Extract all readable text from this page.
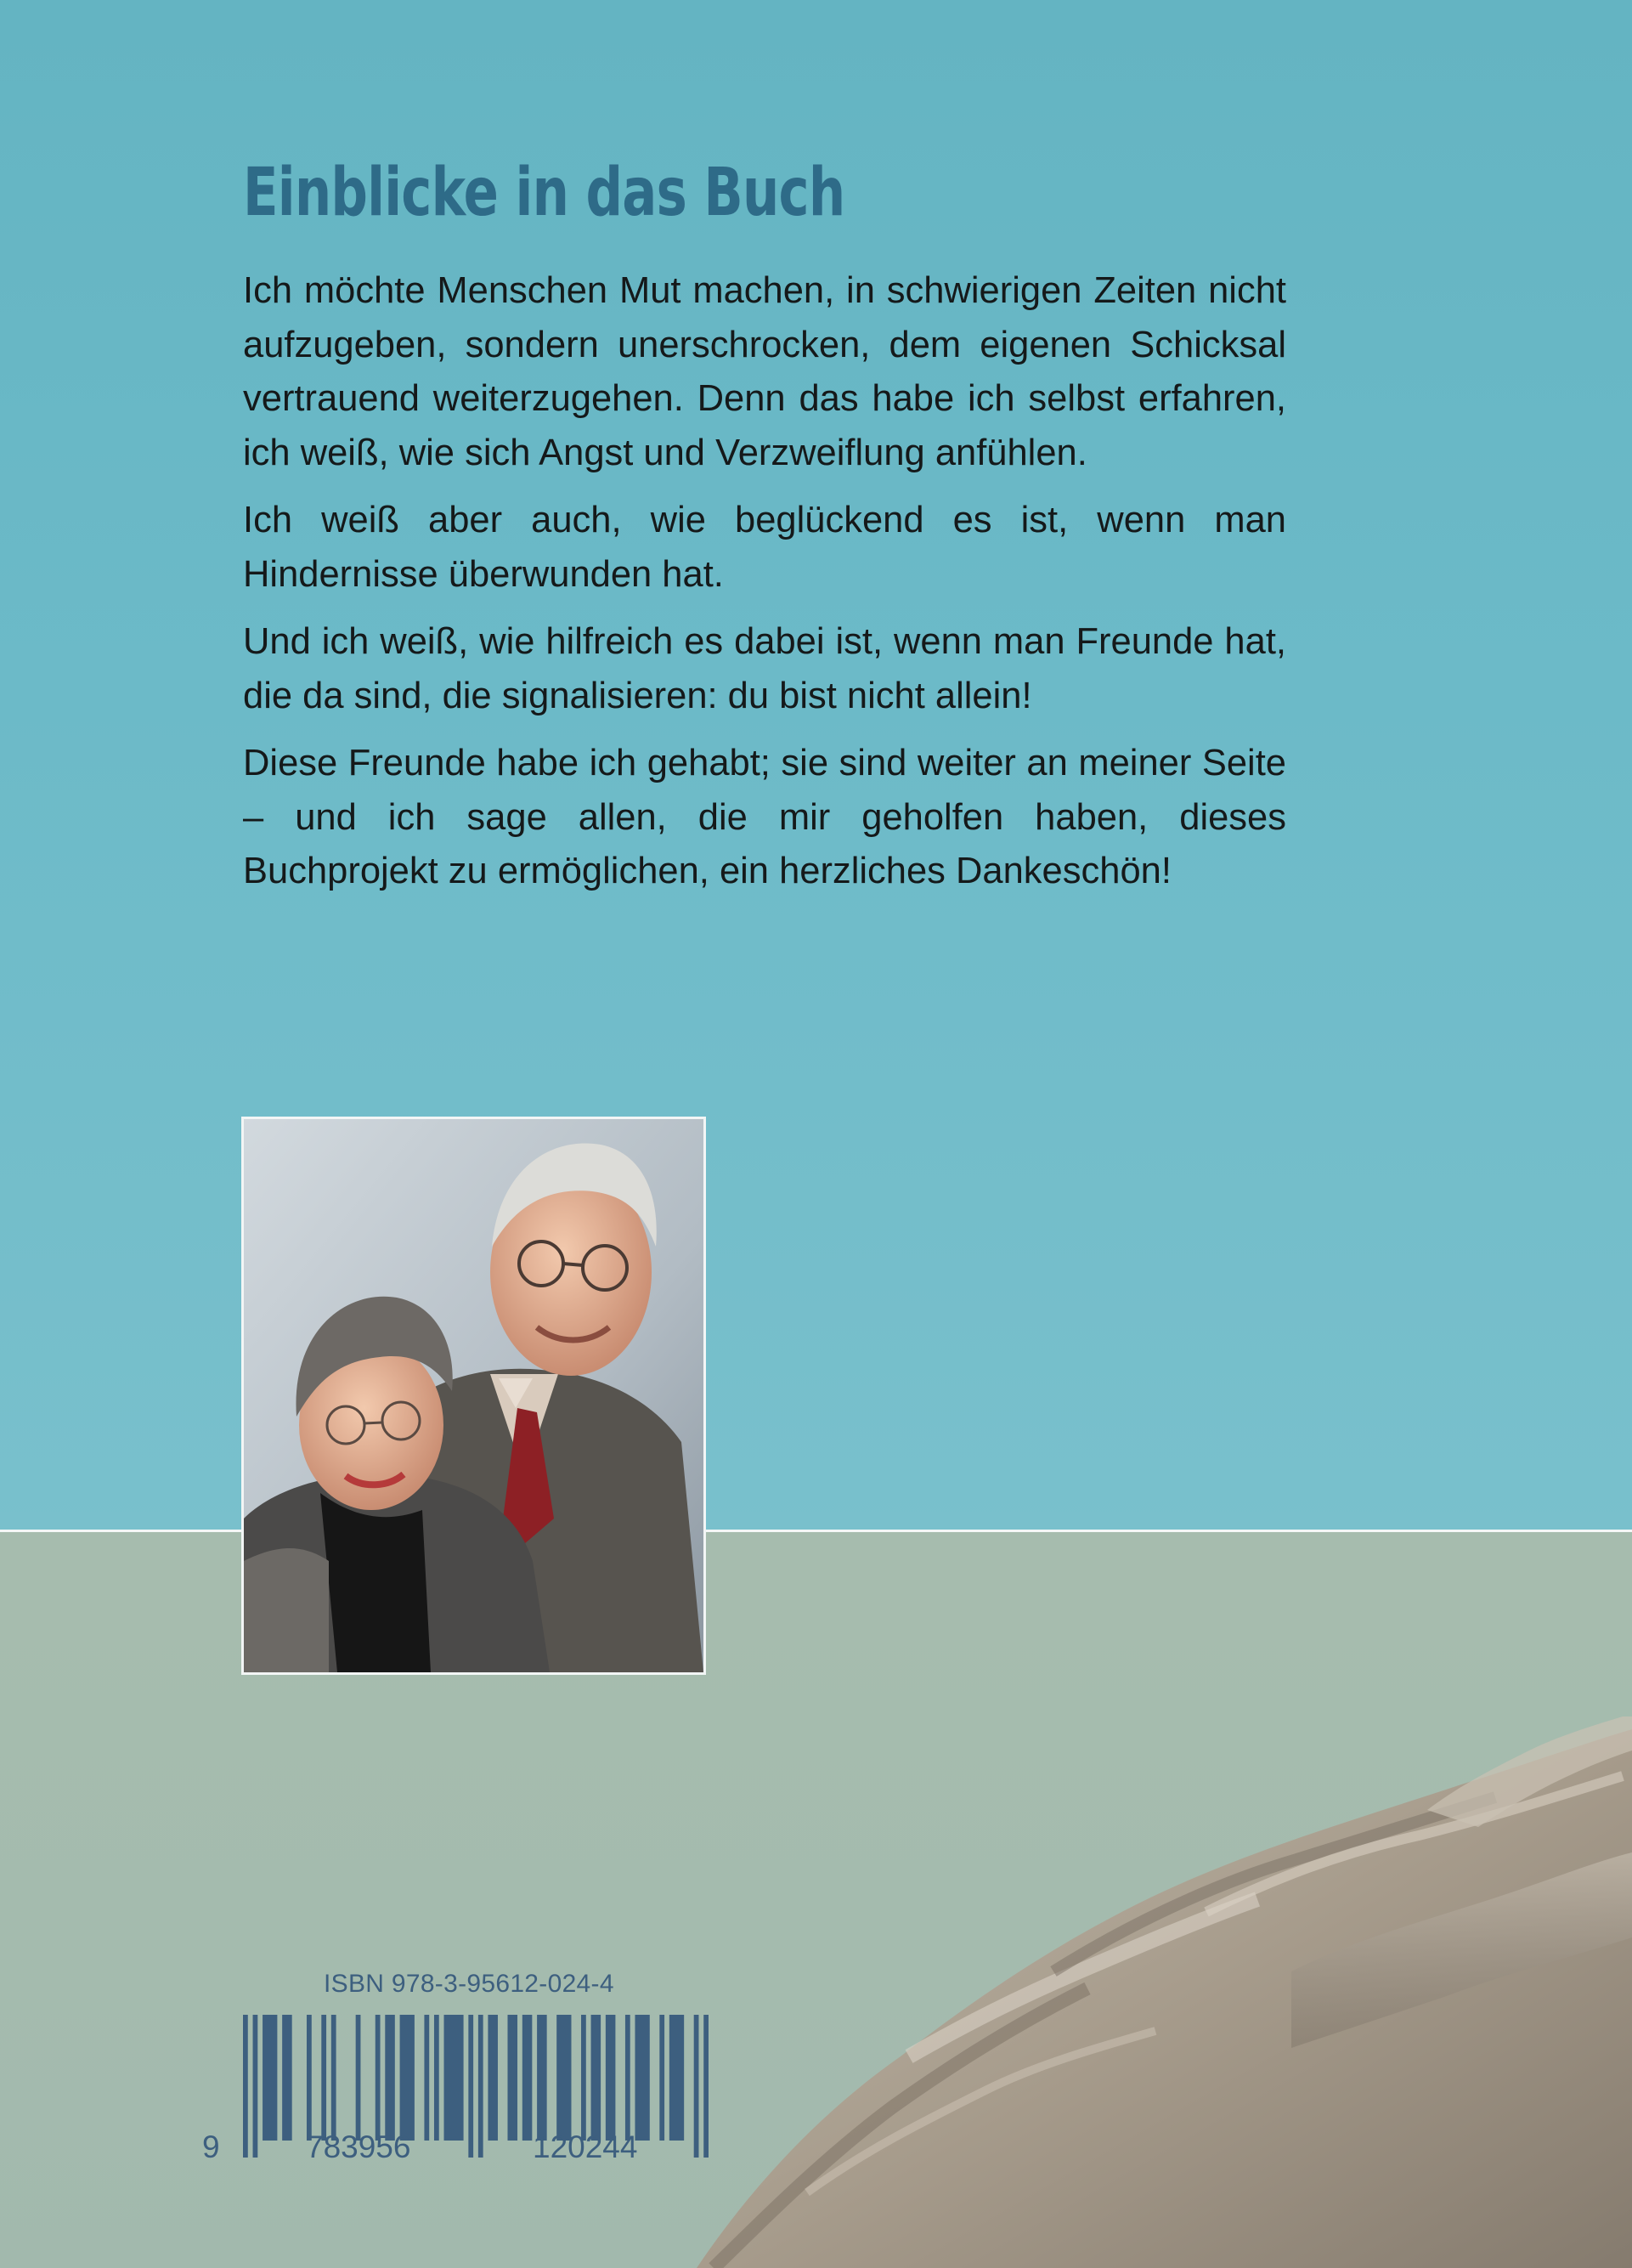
Einblicke in das Buch

Ich möchte Menschen Mut machen, in schwierigen Zeiten nicht aufzugeben, sondern unerschrocken, dem eigenen Schicksal vertrauend weiterzugehen. Denn das habe ich selbst erfahren, ich weiß, wie sich Angst und Verzweiflung anfühlen.

Ich weiß aber auch, wie beglückend es ist, wenn man Hindernisse überwunden hat.

Und ich weiß, wie hilfreich es dabei ist, wenn man Freunde hat, die da sind, die signalisieren: du bist nicht allein!

Diese Freunde habe ich gehabt; sie sind weiter an meiner Seite – und ich sage allen, die mir geholfen haben, dieses Buchprojekt zu ermöglichen, ein herzliches Dankeschön!

ISBN 978-3-95612-024-4
9	783956	120244
